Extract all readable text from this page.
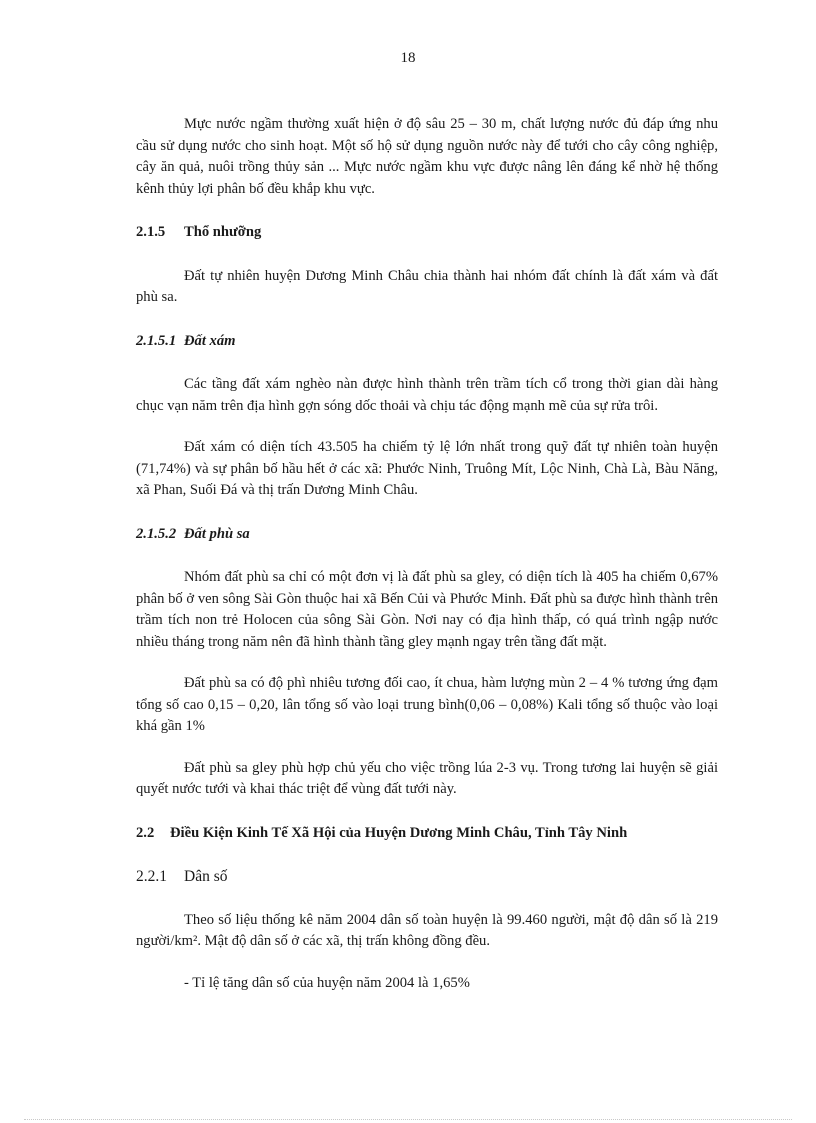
18

Mực nước ngầm thường xuất hiện ở độ sâu 25 – 30 m, chất lượng nước đủ đáp ứng nhu cầu sử dụng nước cho sinh hoạt. Một số hộ sử dụng nguồn nước này để tưới cho cây công nghiệp, cây ăn quả, nuôi trồng thủy sản ... Mực nước ngầm khu vực được nâng lên đáng kể nhờ hệ thống kênh thủy lợi phân bố đều khắp khu vực.

2.1.5 Thổ nhưỡng

Đất tự nhiên huyện Dương Minh Châu chia thành hai nhóm đất chính là đất xám và đất phù sa.

2.1.5.1 Đất xám

Các tầng đất xám nghèo nàn được hình thành trên trầm tích cổ trong thời gian dài hàng chục vạn năm trên địa hình gợn sóng dốc thoải và chịu tác động mạnh mẽ của sự rửa trôi.

Đất xám có diện tích 43.505 ha chiếm tỷ lệ lớn nhất trong quỹ đất tự nhiên toàn huyện (71,74%) và sự phân bố hầu hết ở các xã: Phước Ninh, Truông Mít, Lộc Ninh, Chà Là, Bàu Năng, xã Phan, Suối Đá và thị trấn Dương Minh Châu.

2.1.5.2 Đất phù sa

Nhóm đất phù sa chỉ có một đơn vị là đất phù sa gley, có diện tích là 405 ha chiếm 0,67% phân bố ở ven sông Sài Gòn thuộc hai xã Bến Củi và Phước Minh. Đất phù sa được hình thành trên trầm tích non trẻ Holocen của sông Sài Gòn. Nơi nay có địa hình thấp, có quá trình ngập nước nhiều tháng trong năm nên đã hình thành tầng gley mạnh ngay trên tầng đất mặt.

Đất phù sa có độ phì nhiêu tương đối cao, ít chua, hàm lượng mùn 2 – 4 % tương ứng đạm tổng số cao 0,15 – 0,20, lân tổng số vào loại trung bình(0,06 – 0,08%) Kali tổng số thuộc vào loại khá gần 1%

Đất phù sa gley phù hợp chủ yếu cho việc trồng lúa 2-3 vụ. Trong tương lai huyện sẽ giải quyết nước tưới và khai thác triệt để vùng đất tưới này.

2.2 Điều Kiện Kinh Tế Xã Hội của Huyện Dương Minh Châu, Tỉnh Tây Ninh
2.2.1 Dân số

Theo số liệu thống kê năm 2004 dân số toàn huyện là 99.460 người, mật độ dân số là 219 người/km². Mật độ dân số ở các xã, thị trấn không đồng đều.

- Tỉ lệ tăng dân số của huyện năm 2004 là 1,65%
